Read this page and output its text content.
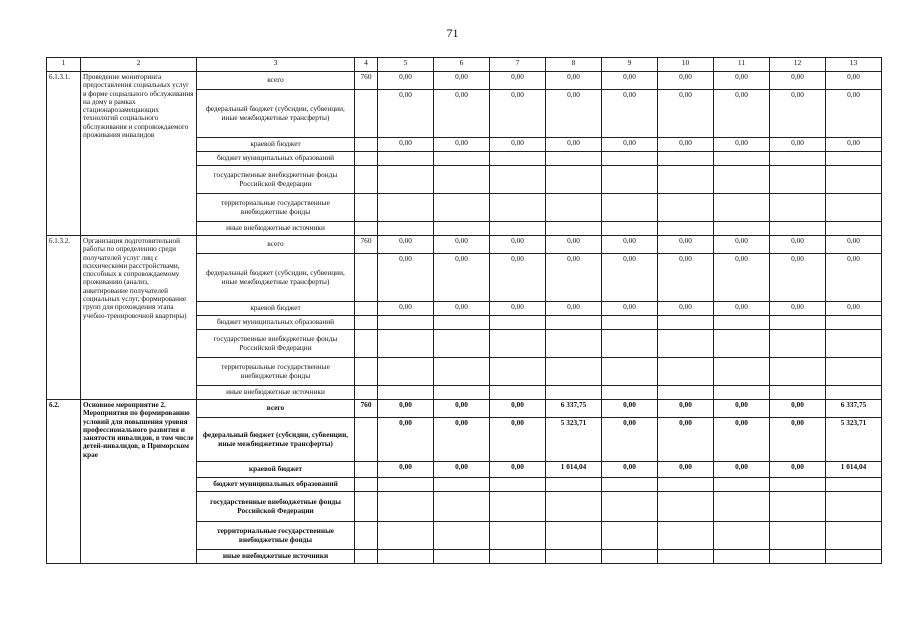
71
1	2	3	4	5	6	7	8	9	10	11	12	13
6.1.3.1.	Проведение мониторинга предоставления социальных услуг в форме социального обслуживания на дому в рамках стационарозамещающих технологий социального обслуживания и сопровождаемого проживания инвалидов	всего	760	0,00	0,00	0,00	0,00	0,00	0,00	0,00	0,00	0,00
		федеральный бюджет (субсидии, субвенции, иные межбюджетные трансферты)		0,00	0,00	0,00	0,00	0,00	0,00	0,00	0,00	0,00
		краевой бюджет		0,00	0,00	0,00	0,00	0,00	0,00	0,00	0,00	0,00
		бюджет муниципальных образований										
		государственные внебюджетные фонды Российской Федерации										
		территориальные государственные внебюджетные фонды										
		иные внебюджетные источники										
6.1.3.2.	Организация подготовительной работы по определению среди получателей услуг лиц с психическими расстройствами, способных к сопровождаемому проживанию (анализ, анкетирование получателей социальных услуг, формирование групп для прохождения этапа учебно-тренировочной квартиры)	всего	760	0,00	0,00	0,00	0,00	0,00	0,00	0,00	0,00	0,00
		федеральный бюджет (субсидии, субвенции, иные межбюджетные трансферты)		0,00	0,00	0,00	0,00	0,00	0,00	0,00	0,00	0,00
		краевой бюджет		0,00	0,00	0,00	0,00	0,00	0,00	0,00	0,00	0,00
		бюджет муниципальных образований										
		государственные внебюджетные фонды Российской Федерации										
		территориальные государственные внебюджетные фонды										
		иные внебюджетные источники										
6.2.	Основное мероприятие 2. Мероприятия по формированию условий для повышения уровня профессионального развития и занятости инвалидов, в том числе детей-инвалидов, в Приморском крае	всего	760	0,00	0,00	0,00	6 337,75	0,00	0,00	0,00	0,00	6 337,75
		федеральный бюджет (субсидии, субвенции, иные межбюджетные трансферты)		0,00	0,00	0,00	5 323,71	0,00	0,00	0,00	0,00	5 323,71
		краевой бюджет		0,00	0,00	0,00	1 014,04	0,00	0,00	0,00	0,00	1 014,04
		бюджет муниципальных образований										
		государственные внебюджетные фонды Российской Федерации										
		территориальные государственные внебюджетные фонды										
		иные внебюджетные источники										
